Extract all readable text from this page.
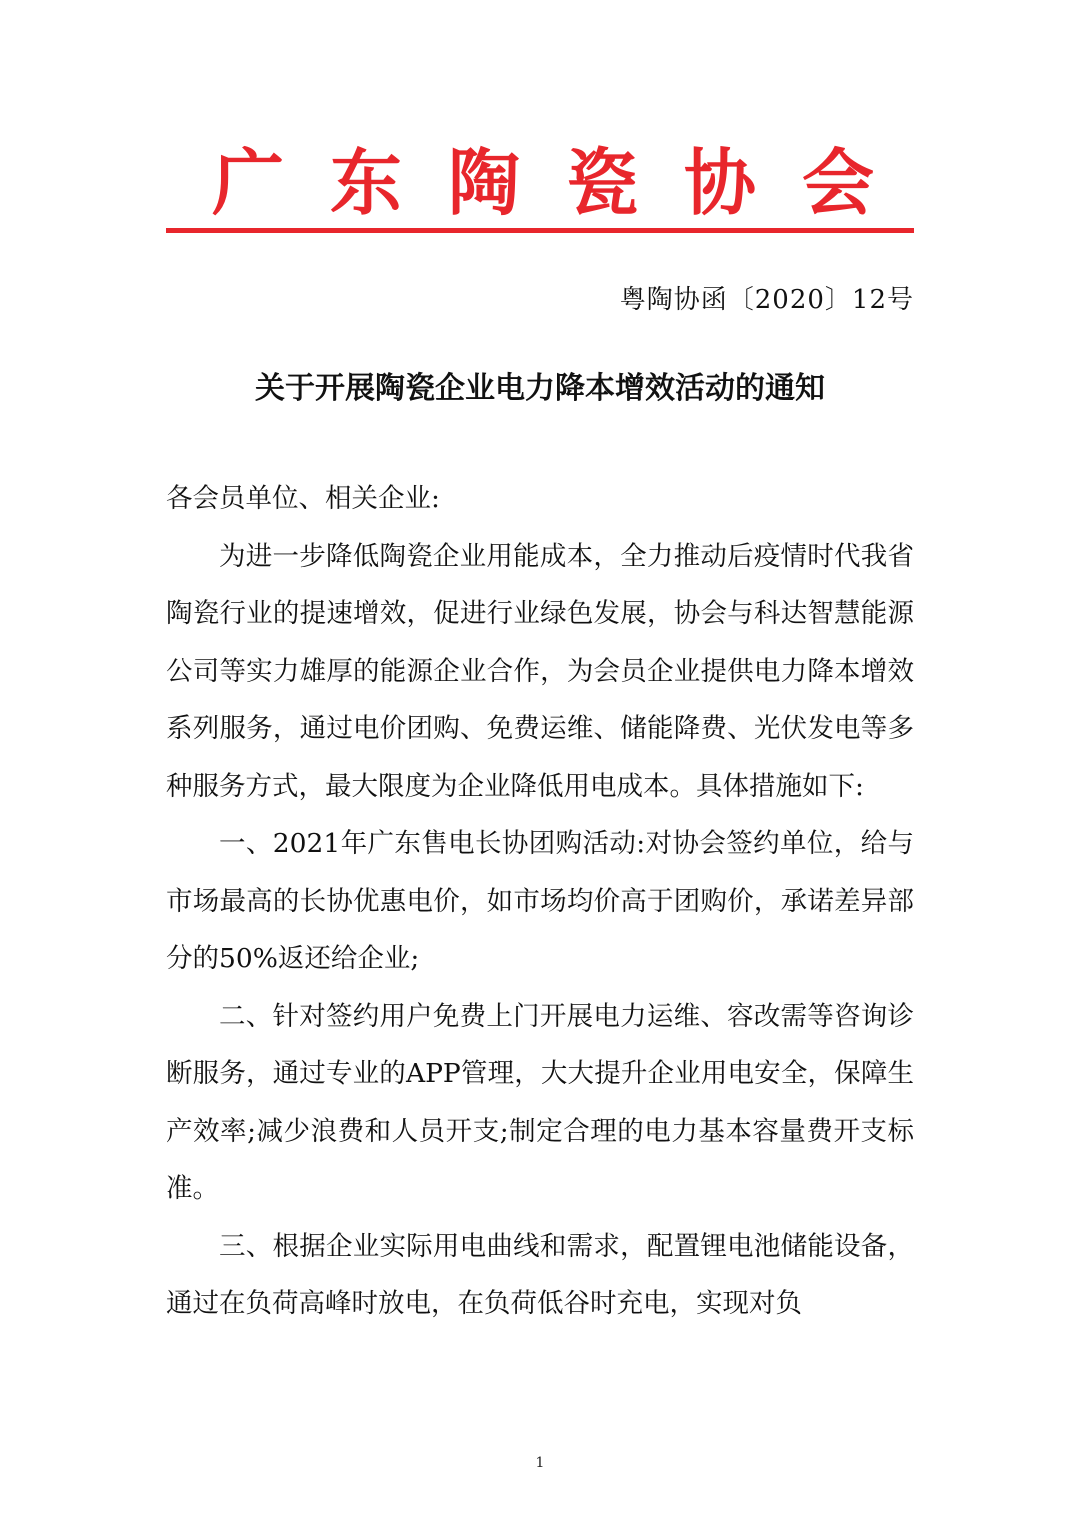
广东陶瓷协会
粤陶协函〔2020〕12号
关于开展陶瓷企业电力降本增效活动的通知

各会员单位、相关企业:

为进一步降低陶瓷企业用能成本，全力推动后疫情时代我省陶瓷行业的提速增效，促进行业绿色发展，协会与科达智慧能源公司等实力雄厚的能源企业合作，为会员企业提供电力降本增效系列服务，通过电价团购、免费运维、储能降费、光伏发电等多种服务方式，最大限度为企业降低用电成本。具体措施如下:

一、2021年广东售电长协团购活动:对协会签约单位，给与市场最高的长协优惠电价，如市场均价高于团购价，承诺差异部分的50%返还给企业;

二、针对签约用户免费上门开展电力运维、容改需等咨询诊断服务，通过专业的APP管理，大大提升企业用电安全，保障生产效率;减少浪费和人员开支;制定合理的电力基本容量费开支标准。

三、根据企业实际用电曲线和需求，配置锂电池储能设备，通过在负荷高峰时放电，在负荷低谷时充电，实现对负

1
